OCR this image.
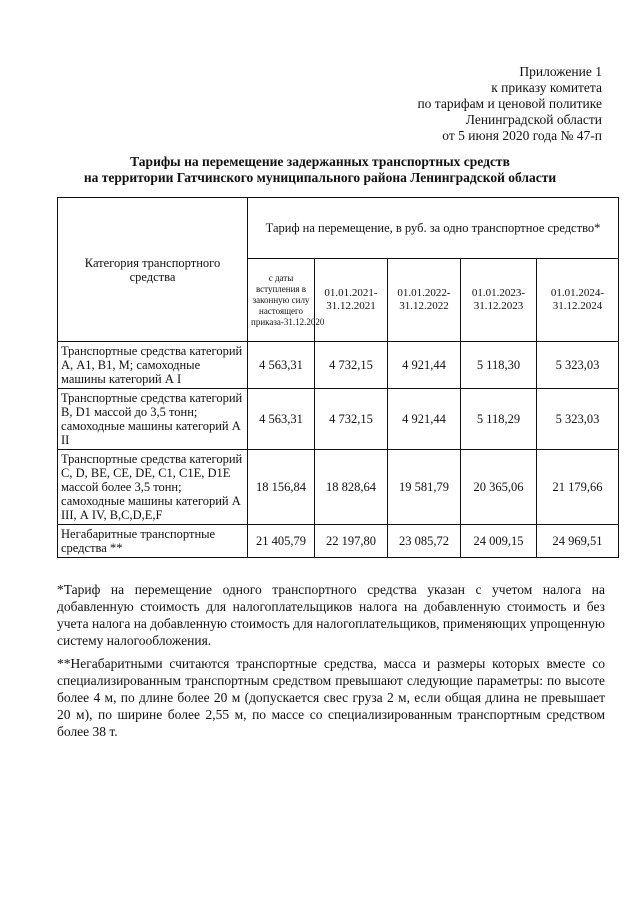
Приложение 1
к приказу комитета
по тарифам и ценовой политике
Ленинградской области
от 5 июня 2020 года № 47-п
Тарифы на перемещение задержанных транспортных средств
на территории Гатчинского муниципального района Ленинградской области
Категория транспортного средства	Тариф на перемещение, в руб. за одно транспортное средство*				
	с даты вступления в законную силу настоящего приказа-31.12.2020	01.01.2021-31.12.2021	01.01.2022-31.12.2022	01.01.2023-31.12.2023	01.01.2024-31.12.2024
Транспортные средства категорий А, А1, В1, М; самоходные машины категорий А I	4 563,31	4 732,15	4 921,44	5 118,30	5 323,03
Транспортные средства категорий В, D1 массой до 3,5 тонн; самоходные машины категорий А II	4 563,31	4 732,15	4 921,44	5 118,29	5 323,03
Транспортные средства категорий С, D, ВЕ, СЕ, DE, С1, С1Е, D1E массой более 3,5 тонн; самоходные машины категорий А III, А IV, В,С,D,E,F	18 156,84	18 828,64	19 581,79	20 365,06	21 179,66
Негабаритные транспортные средства **	21 405,79	22 197,80	23 085,72	24 009,15	24 969,51
*Тариф на перемещение одного транспортного средства указан с учетом налога на добавленную стоимость для налогоплательщиков налога на добавленную стоимость и без учета налога на добавленную стоимость для налогоплательщиков, применяющих упрощенную систему налогообложения.
**Негабаритными считаются транспортные средства, масса и размеры которых вместе со специализированным транспортным средством превышают следующие параметры: по высоте более 4 м, по длине более 20 м (допускается свес груза 2 м, если общая длина не превышает 20 м), по ширине более 2,55 м, по массе со специализированным транспортным средством более 38 т.
